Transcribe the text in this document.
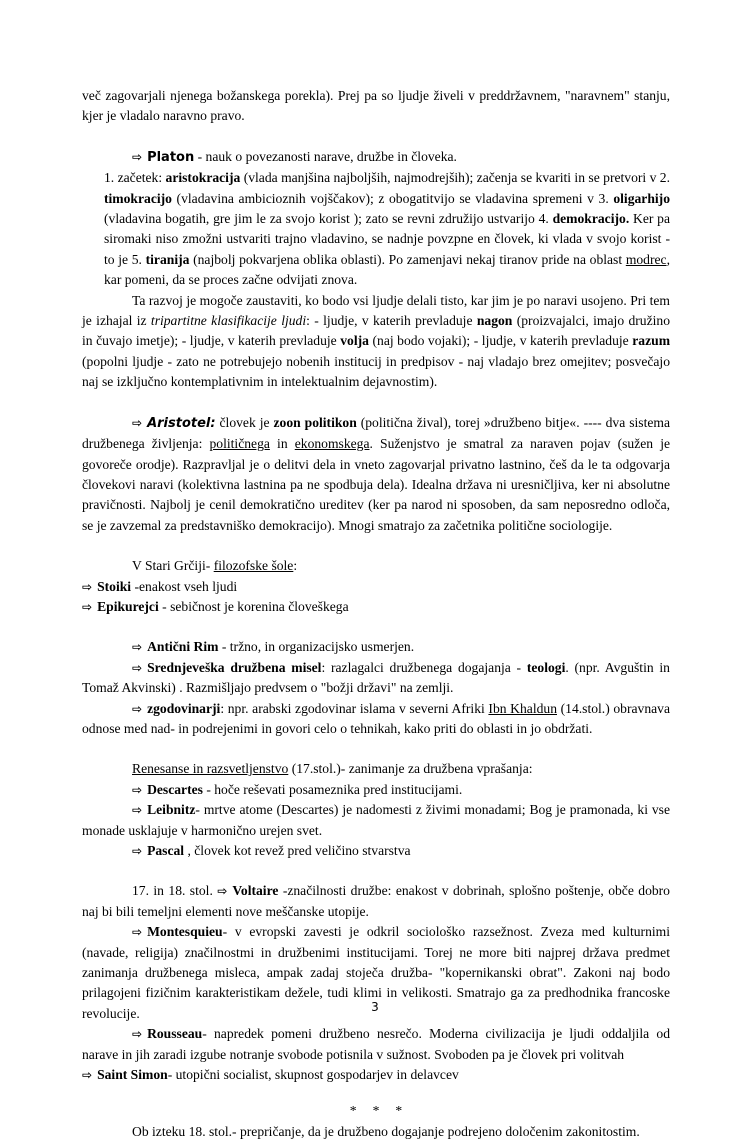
več zagovarjali njenega božanskega porekla). Prej pa so ljudje živeli v preddržavnem, "naravnem" stanju, kjer je vladalo naravno pravo.

⇨ Platon - nauk o povezanosti narave, družbe in človeka.

1. začetek: aristokracija (vlada manjšina najboljših, najmodrejših); začenja se kvariti in se pretvori v 2. timokracijo (vladavina ambicioznih vojščakov); z obogatitvijo se vladavina spremeni v 3. oligarhijo (vladavina bogatih, gre jim le za svojo korist ); zato se revni združijo ustvarijo 4. demokracijo. Ker pa siromaki niso zmožni ustvariti trajno vladavino, se nadnje povzpne en človek, ki vlada v svojo korist - to je 5. tiranija (najbolj pokvarjena oblika oblasti). Po zamenjavi nekaj tiranov pride na oblast modrec, kar pomeni, da se proces začne odvijati znova.

Ta razvoj je mogoče zaustaviti, ko bodo vsi ljudje delali tisto, kar jim je po naravi usojeno. Pri tem je izhajal iz tripartitne klasifikacije ljudi: - ljudje, v katerih prevladuje nagon (proizvajalci, imajo družino in čuvajo imetje); - ljudje, v katerih prevladuje volja (naj bodo vojaki); - ljudje, v katerih prevladuje razum (popolni ljudje - zato ne potrebujejo nobenih institucij in predpisov - naj vladajo brez omejitev; posvečajo naj se izključno kontemplativnim in intelektualnim dejavnostim).

⇨ Aristotel: človek je zoon politikon (politična žival), torej »družbeno bitje«. ---- dva sistema družbenega življenja: političnega in ekonomskega. Suženjstvo je smatral za naraven pojav (sužen je govoreče orodje). Razpravljal je o delitvi dela in vneto zagovarjal privatno lastnino, češ da le ta odgovarja človekovi naravi (kolektivna lastnina pa ne spodbuja dela). Idealna država ni uresničljiva, ker ni absolutne pravičnosti. Najbolj je cenil demokratično ureditev (ker pa narod ni sposoben, da sam neposredno odloča, se je zavzemal za predstavniško demokracijo). Mnogi smatrajo za začetnika politične sociologije.

V Stari Grčiji- filozofske šole:

⇨ Stoiki -enakost vseh ljudi

⇨ Epikurejci - sebičnost je korenina človeškega

⇨ Antični Rim - tržno, in organizacijsko usmerjen.

⇨ Srednjeveška družbena misel: razlagalci družbenega dogajanja - teologi. (npr. Avguštin in Tomaž Akvinski) . Razmišljajo predvsem o "božji državi" na zemlji.

⇨ zgodovinarji: npr. arabski zgodovinar islama v severni Afriki Ibn Khaldun (14.stol.) obravnava odnose med nad- in podrejenimi in govori celo o tehnikah, kako priti do oblasti in jo obdržati.

Renesanse in razsvetljenstvo (17.stol.)- zanimanje za družbena vprašanja:

⇨ Descartes - hoče reševati posameznika pred institucijami.

⇨ Leibnitz- mrtve atome (Descartes) je nadomesti z živimi monadami; Bog je pramonada, ki vse monade usklajuje v harmonično urejen svet.

⇨ Pascal , človek kot revež pred veličino stvarstva

17. in 18. stol. ⇨ Voltaire -značilnosti družbe: enakost v dobrinah, splošno poštenje, obče dobro naj bi bili temeljni elementi nove meščanske utopije.

⇨ Montesquieu- v evropski zavesti je odkril sociološko razsežnost. Zveza med kulturnimi (navade, religija) značilnostmi in družbenimi institucijami. Torej ne more biti najprej država predmet zanimanja družbenega misleca, ampak zadaj stoječa družba- "kopernikanski obrat". Zakoni naj bodo prilagojeni fizičnim karakteristikam dežele, tudi klimi in velikosti. Smatrajo ga za predhodnika francoske revolucije.

⇨ Rousseau- napredek pomeni družbeno nesrečo. Moderna civilizacija je ljudi oddaljila od narave in jih zaradi izgube notranje svobode potisnila v sužnost. Svoboden pa je človek pri volitvah

⇨ Saint Simon- utopični socialist, skupnost gospodarjev in delavcev

* * *

Ob izteku 18. stol.- prepričanje, da je družbeno dogajanje podrejeno določenim zakonitostim.

3
